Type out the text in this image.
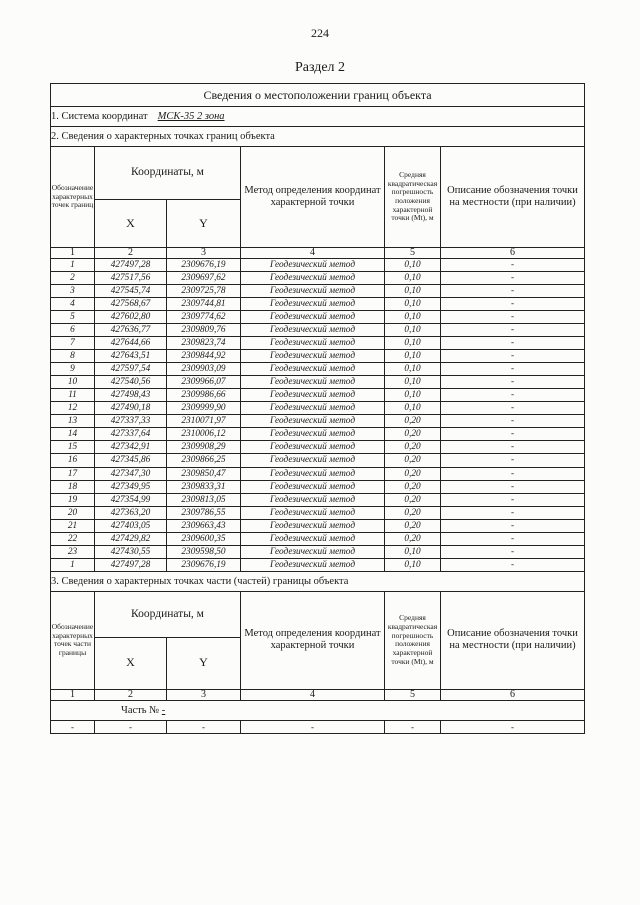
224
Раздел 2
Сведения о местоположении границ объекта					
1. Система координат МСК-35 2 зона					
2. Сведения о характерных точках границ объекта					
Обозначение характерных точек границ	Координаты, м		Метод определения координат характерной точки	Средняя квадратическая погрешность положения характерной точки (Mt), м	Описание обозначения точки на местности (при наличии)
	X	Y			
1	2	3	4	5	6
1	427497,28	2309676,19	Геодезический метод	0,10	-
2	427517,56	2309697,62	Геодезический метод	0,10	-
3	427545,74	2309725,78	Геодезический метод	0,10	-
4	427568,67	2309744,81	Геодезический метод	0,10	-
5	427602,80	2309774,62	Геодезический метод	0,10	-
6	427636,77	2309809,76	Геодезический метод	0,10	-
7	427644,66	2309823,74	Геодезический метод	0,10	-
8	427643,51	2309844,92	Геодезический метод	0,10	-
9	427597,54	2309903,09	Геодезический метод	0,10	-
10	427540,56	2309966,07	Геодезический метод	0,10	-
11	427498,43	2309986,66	Геодезический метод	0,10	-
12	427490,18	2309999,90	Геодезический метод	0,10	-
13	427337,33	2310071,97	Геодезический метод	0,20	-
14	427337,64	2310006,12	Геодезический метод	0,20	-
15	427342,91	2309908,29	Геодезический метод	0,20	-
16	427345,86	2309866,25	Геодезический метод	0,20	-
17	427347,30	2309850,47	Геодезический метод	0,20	-
18	427349,95	2309833,31	Геодезический метод	0,20	-
19	427354,99	2309813,05	Геодезический метод	0,20	-
20	427363,20	2309786,55	Геодезический метод	0,20	-
21	427403,05	2309663,43	Геодезический метод	0,20	-
22	427429,82	2309600,35	Геодезический метод	0,20	-
23	427430,55	2309598,50	Геодезический метод	0,10	-
1	427497,28	2309676,19	Геодезический метод	0,10	-
3. Сведения о характерных точках части (частей) границы объекта					
Обозначение характерных точек части границы	Координаты, м		Метод определения координат характерной точки	Средняя квадратическая погрешность положения характерной точки (Mt), м	Описание обозначения точки на местности (при наличии)
	X	Y			
1	2	3	4	5	6
Часть № -					
-	-	-	-	-	-
